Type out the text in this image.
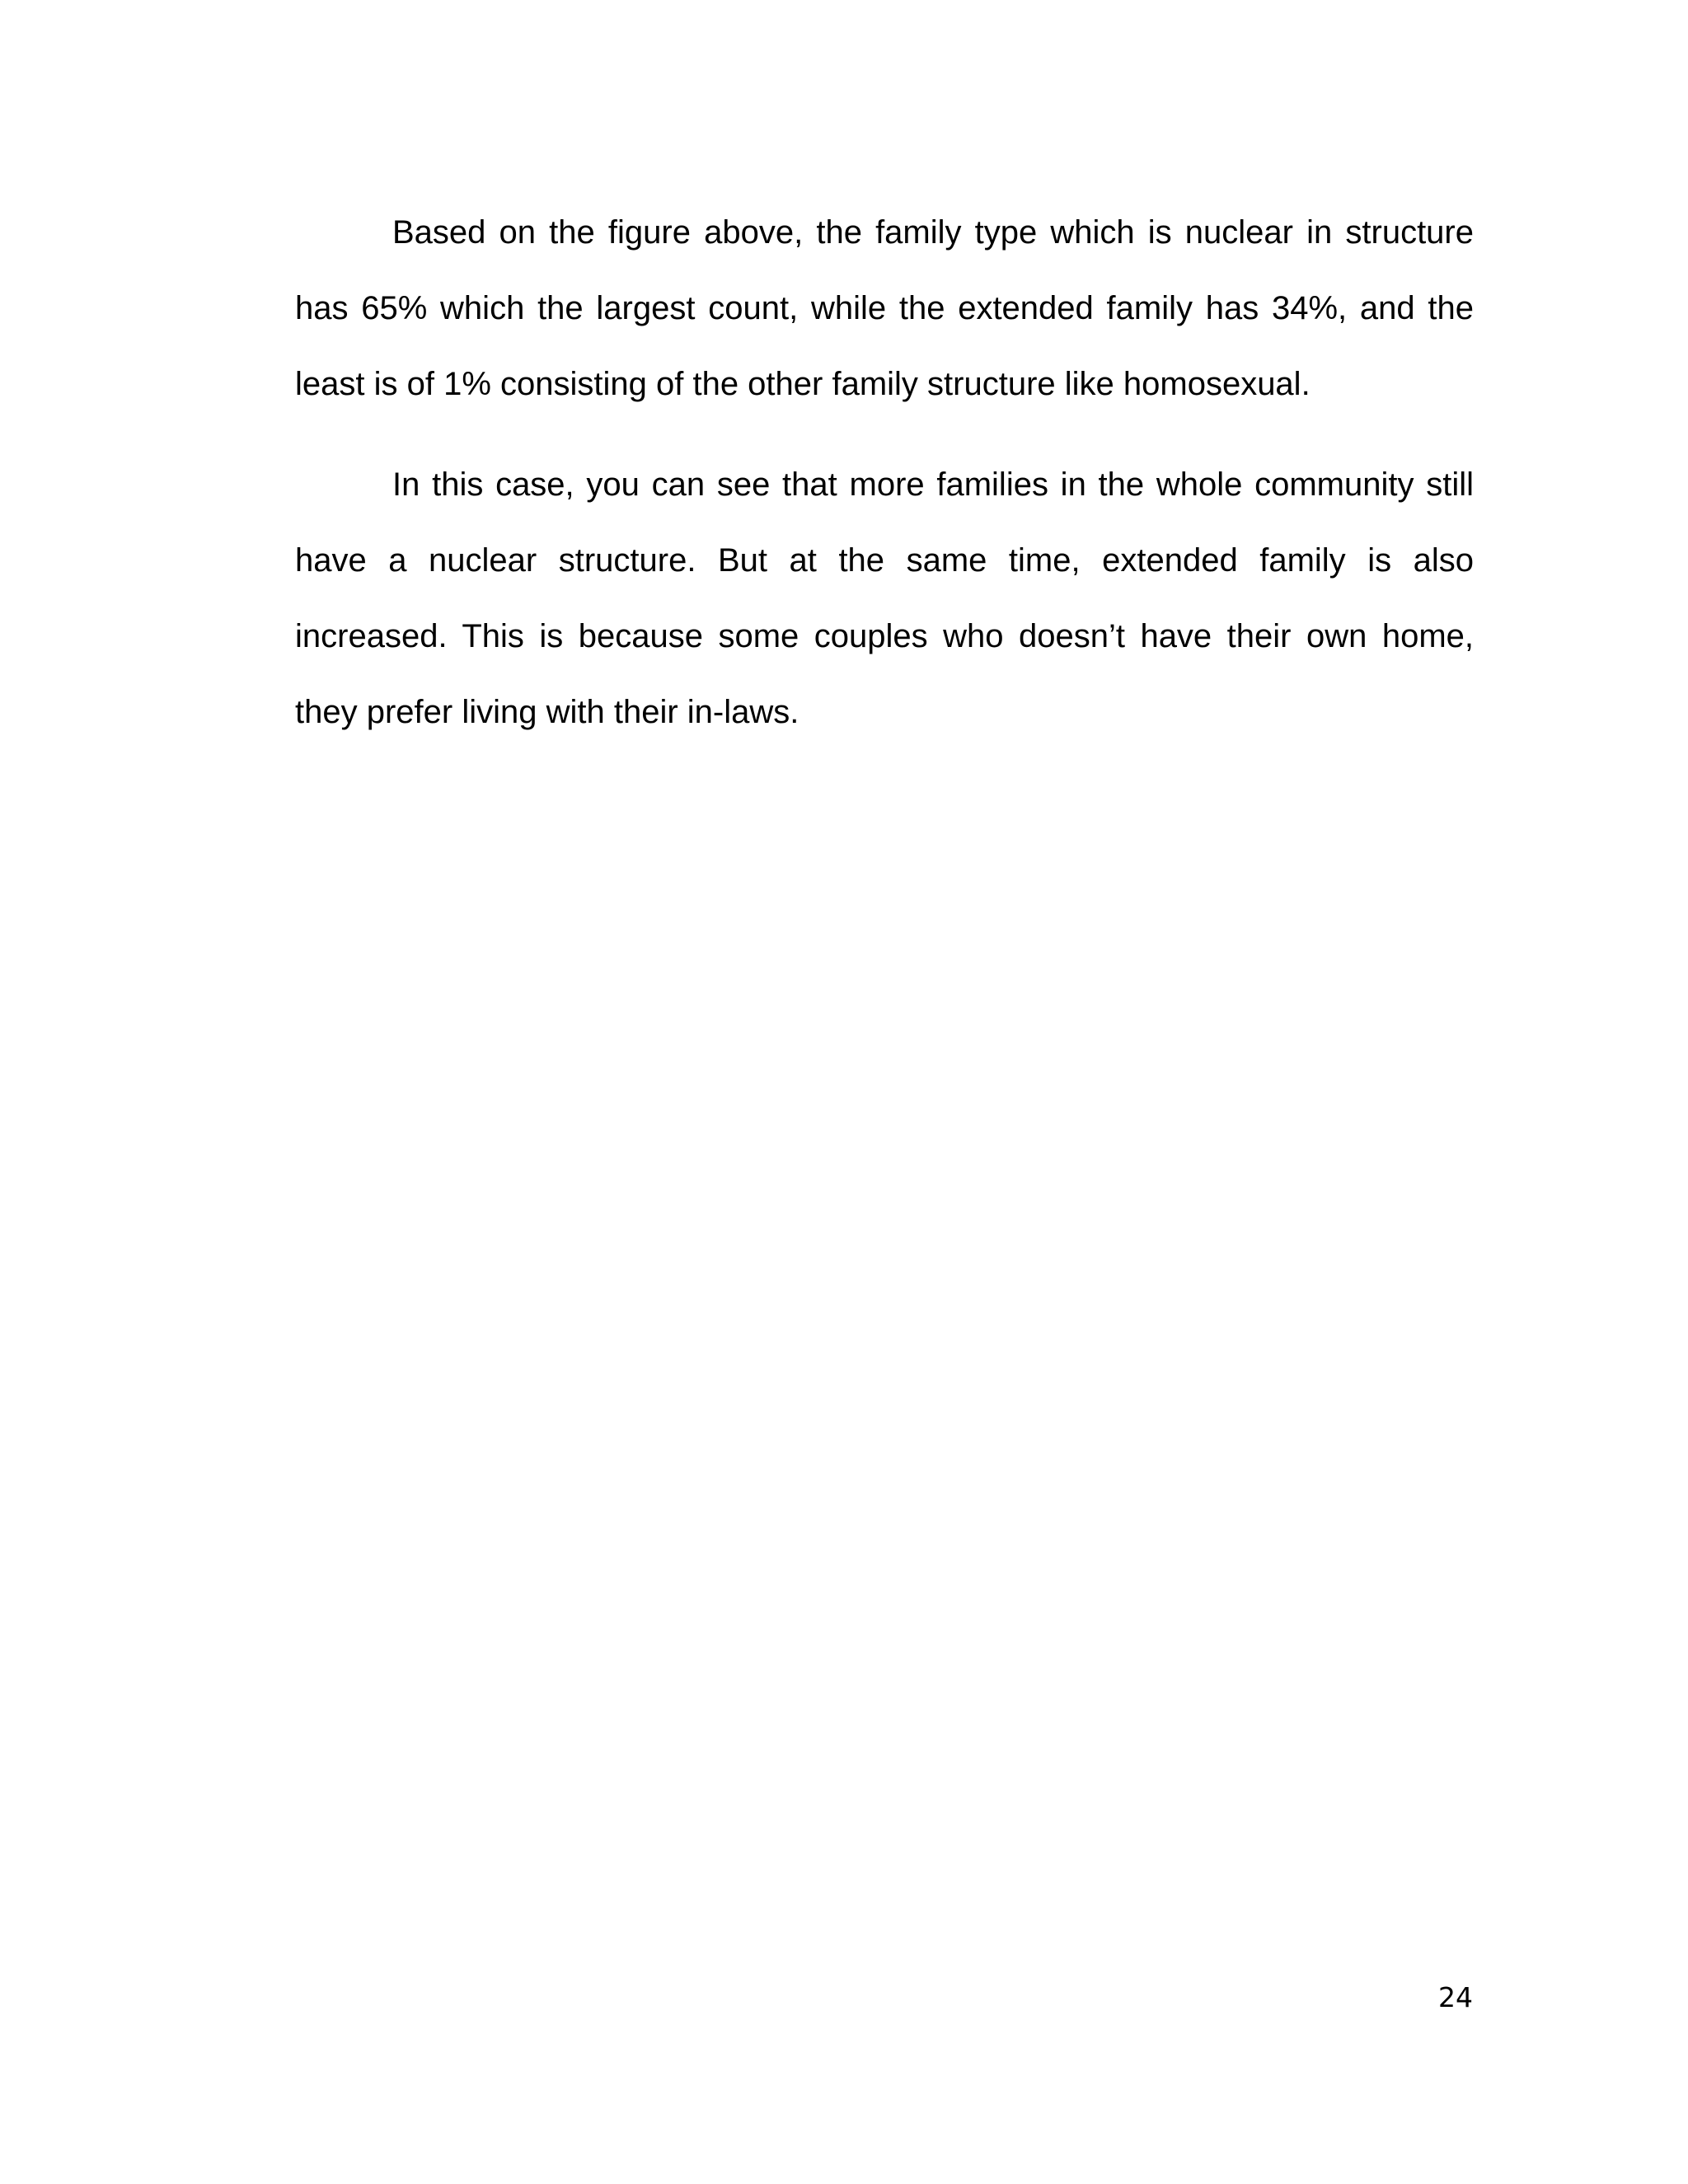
Based on the figure above, the family type which is nuclear in structure has 65% which the largest count, while the extended family has 34%, and the least is of 1% consisting of the other family structure like homosexual.

In this case, you can see that more families in the whole community still have a nuclear structure. But at the same time, extended family is also increased. This is because some couples who doesn’t have their own home, they prefer living with their in-laws.

24
